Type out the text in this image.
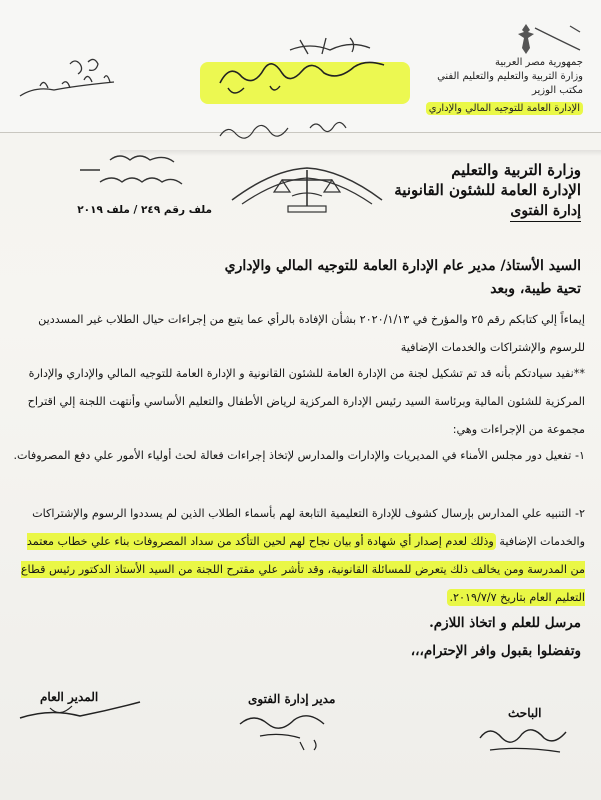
جمهورية مصر العربية
وزارة التربية والتعليم والتعليم الفني
مكتب الوزير
الإدارة العامة للتوجيه المالي والإداري
وزارة التربية والتعليم
الإدارة العامة للشئون القانونية
إدارة الفتوى
ملف رقم ٢٤٩ / ملف ٢٠١٩
السيد الأستاذ/ مدير عام الإدارة العامة للتوجيه المالي والإداري
تحية طيبة، وبعد
إيماءاً إلي كتابكم رقم ٢٥ والمؤرخ في ٢٠٢٠/١/١٣ بشأن الإفادة بالرأي عما يتبع من إجراءات حيال الطلاب غير المسددين للرسوم والإشتراكات والخدمات الإضافية
**نفيد سيادتكم بأنه قد تم تشكيل لجنة من الإدارة العامة للشئون القانونية و الإدارة العامة للتوجيه المالي والإداري والإدارة المركزية للشئون المالية وبرئاسة السيد رئيس الإدارة المركزية لرياض الأطفال والتعليم الأساسي وأنتهت اللجنة إلي اقتراح مجموعة من الإجراءات وهي:
١- تفعيل دور مجلس الأمناء في المديريات والإدارات والمدارس لإتخاذ إجراءات فعالة لحث أولياء الأمور علي دفع المصروفات.
٢- التنبيه علي المدارس بإرسال كشوف للإدارة التعليمية التابعة لهم بأسماء الطلاب الذين لم يسددوا الرسوم والإشتراكات والخدمات الإضافية وذلك لعدم إصدار أي شهادة أو بيان نجاح لهم لحين التأكد من سداد المصروفات بناء علي خطاب معتمد من المدرسة ومن يخالف ذلك يتعرض للمسائلة القانونية، وقد تأشر علي مقترح اللجنة من السيد الأستاذ الدكتور رئيس قطاع التعليم العام بتاريخ ٢٠١٩/٧/٧.
مرسل للعلم و اتخاذ اللازم.
وتفضلوا بقبول وافر الإحترام،،،
الباحث
مدير إدارة الفتوى
المدير العام
